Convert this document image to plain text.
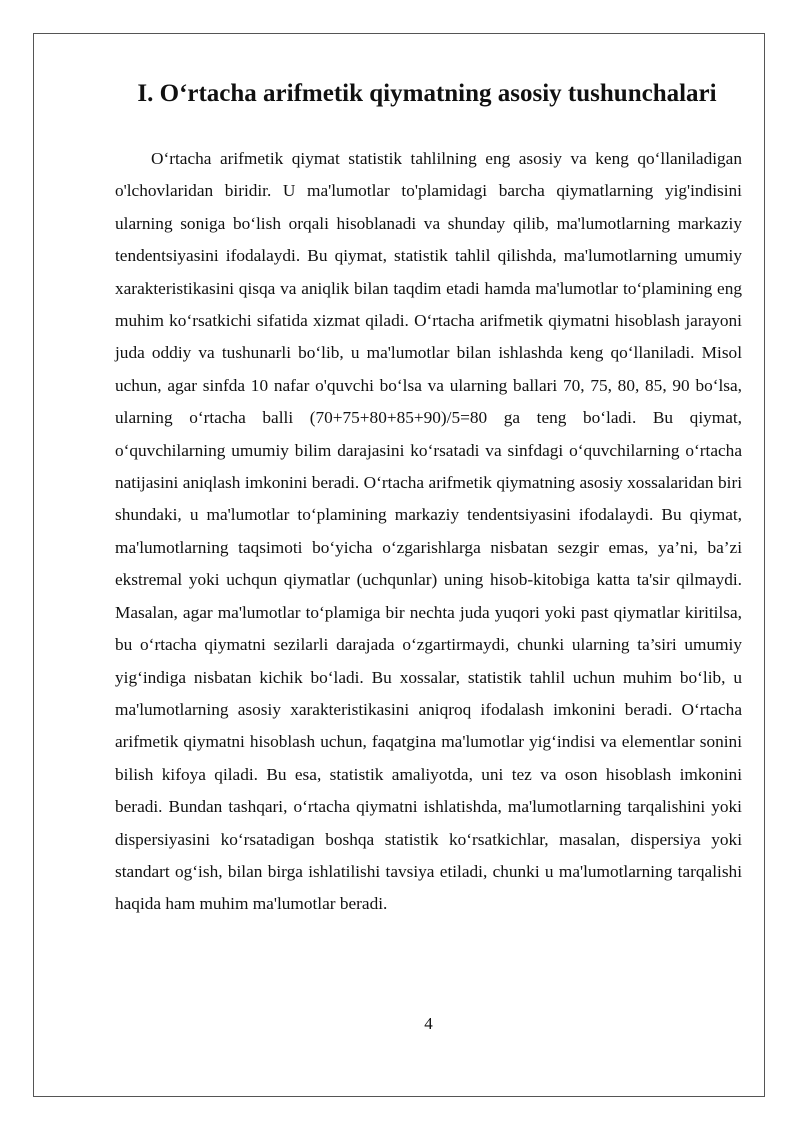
I. O‘rtacha arifmetik qiymatning asosiy tushunchalari

O‘rtacha arifmetik qiymat statistik tahlilning eng asosiy va keng qo‘llaniladigan o'lchovlaridan biridir. U ma'lumotlar to'plamidagi barcha qiymatlarning yig'indisini ularning soniga bo‘lish orqali hisoblanadi va shunday qilib, ma'lumotlarning markaziy tendentsiyasini ifodalaydi. Bu qiymat, statistik tahlil qilishda, ma'lumotlarning umumiy xarakteristikasini qisqa va aniqlik bilan taqdim etadi hamda ma'lumotlar to‘plamining eng muhim ko‘rsatkichi sifatida xizmat qiladi. O‘rtacha arifmetik qiymatni hisoblash jarayoni juda oddiy va tushunarli bo‘lib, u ma'lumotlar bilan ishlashda keng qo‘llaniladi. Misol uchun, agar sinfda 10 nafar o'quvchi bo‘lsa va ularning ballari 70, 75, 80, 85, 90 bo‘lsa, ularning o‘rtacha balli (70+75+80+85+90)/5=80 ga teng bo‘ladi. Bu qiymat, o‘quvchilarning umumiy bilim darajasini ko‘rsatadi va sinfdagi o‘quvchilarning o‘rtacha natijasini aniqlash imkonini beradi. O‘rtacha arifmetik qiymatning asosiy xossalaridan biri shundaki, u ma'lumotlar to‘plamining markaziy tendentsiyasini ifodalaydi. Bu qiymat, ma'lumotlarning taqsimoti bo‘yicha o‘zgarishlarga nisbatan sezgir emas, ya’ni, ba’zi ekstremal yoki uchqun qiymatlar (uchqunlar) uning hisob-kitobiga katta ta'sir qilmaydi. Masalan, agar ma'lumotlar to‘plamiga bir nechta juda yuqori yoki past qiymatlar kiritilsa, bu o‘rtacha qiymatni sezilarli darajada o‘zgartirmaydi, chunki ularning ta’siri umumiy yig‘indiga nisbatan kichik bo‘ladi. Bu xossalar, statistik tahlil uchun muhim bo‘lib, u ma'lumotlarning asosiy xarakteristikasini aniqroq ifodalash imkonini beradi. O‘rtacha arifmetik qiymatni hisoblash uchun, faqatgina ma'lumotlar yig‘indisi va elementlar sonini bilish kifoya qiladi. Bu esa, statistik amaliyotda, uni tez va oson hisoblash imkonini beradi. Bundan tashqari, o‘rtacha qiymatni ishlatishda, ma'lumotlarning tarqalishini yoki dispersiyasini ko‘rsatadigan boshqa statistik ko‘rsatkichlar, masalan, dispersiya yoki standart og‘ish, bilan birga ishlatilishi tavsiya etiladi, chunki u ma'lumotlarning tarqalishi haqida ham muhim ma'lumotlar beradi.

4
